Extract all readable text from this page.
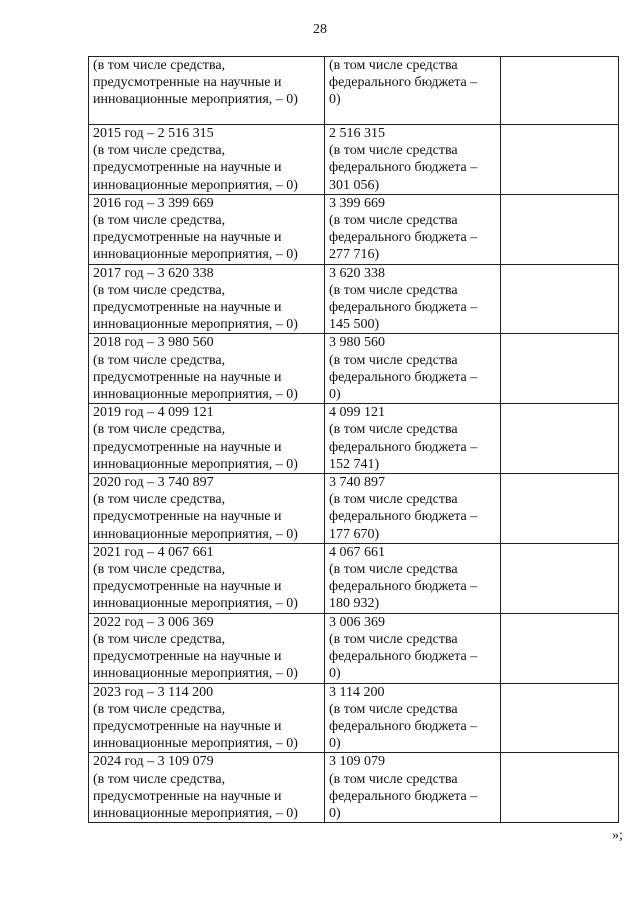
28
(в том числе средства,
предусмотренные на научные и
инновационные мероприятия, – 0)	(в том числе средства
федерального бюджета –
0)	

2015 год – 2 516 315
(в том числе средства,
предусмотренные на научные и
инновационные мероприятия, – 0)	2 516 315
(в том числе средства
федерального бюджета –
301 056)	

2016 год – 3 399 669
(в том числе средства,
предусмотренные на научные и
инновационные мероприятия, – 0)	3 399 669
(в том числе средства
федерального бюджета –
277 716)	

2017 год – 3 620 338
(в том числе средства,
предусмотренные на научные и
инновационные мероприятия, – 0)	3 620 338
(в том числе средства
федерального бюджета –
145 500)	

2018 год – 3 980 560
(в том числе средства,
предусмотренные на научные и
инновационные мероприятия, – 0)	3 980 560
(в том числе средства
федерального бюджета –
0)	

2019 год – 4 099 121
(в том числе средства,
предусмотренные на научные и
инновационные мероприятия, – 0)	4 099 121
(в том числе средства
федерального бюджета –
152 741)	

2020 год – 3 740 897
(в том числе средства,
предусмотренные на научные и
инновационные мероприятия, – 0)	3 740 897
(в том числе средства
федерального бюджета –
177 670)	

2021 год – 4 067 661
(в том числе средства,
предусмотренные на научные и
инновационные мероприятия, – 0)	4 067 661
(в том числе средства
федерального бюджета –
180 932)	

2022 год – 3 006 369
(в том числе средства,
предусмотренные на научные и
инновационные мероприятия, – 0)	3 006 369
(в том числе средства
федерального бюджета –
0)	

2023 год – 3 114 200
(в том числе средства,
предусмотренные на научные и
инновационные мероприятия, – 0)	3 114 200
(в том числе средства
федерального бюджета –
0)	

2024 год – 3 109 079
(в том числе средства,
предусмотренные на научные и
инновационные мероприятия, – 0)	3 109 079
(в том числе средства
федерального бюджета –
0)	

»;
